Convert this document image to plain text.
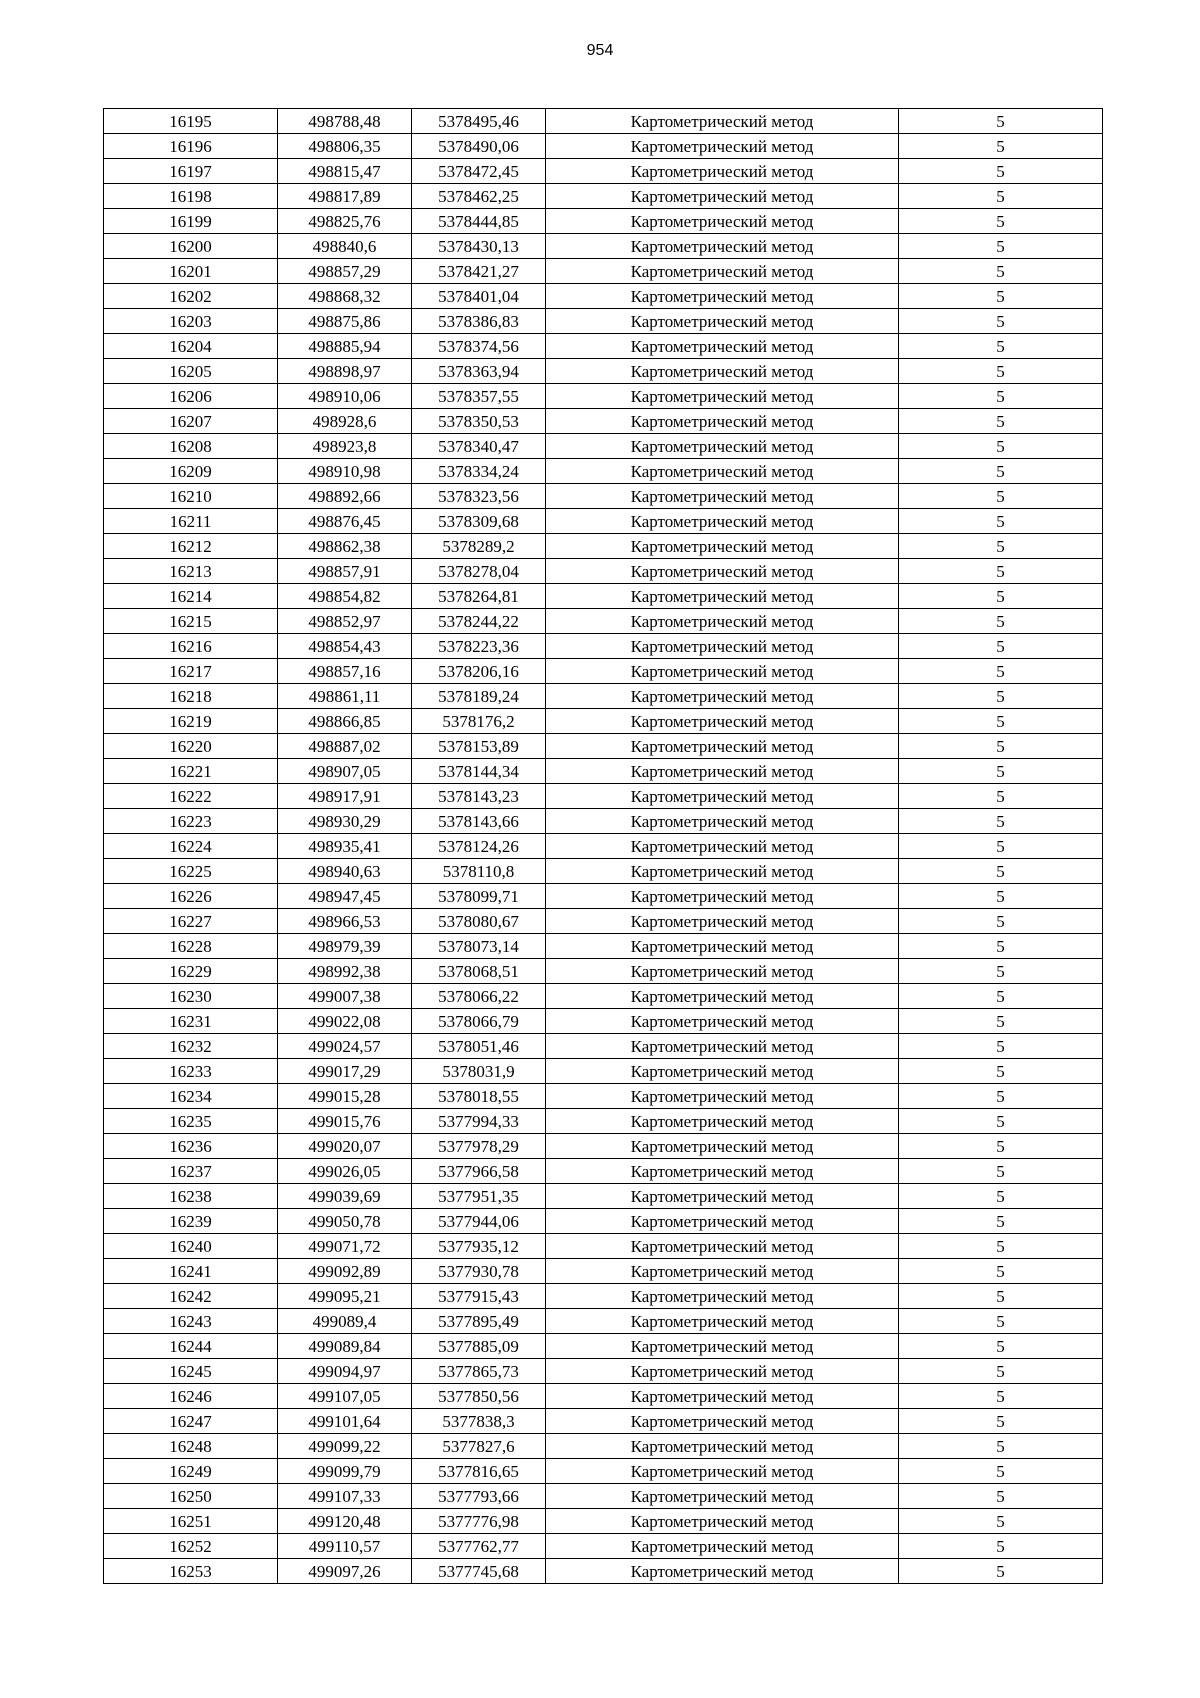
954
16195	498788,48	5378495,46	Картометрический метод	5
16196	498806,35	5378490,06	Картометрический метод	5
16197	498815,47	5378472,45	Картометрический метод	5
16198	498817,89	5378462,25	Картометрический метод	5
16199	498825,76	5378444,85	Картометрический метод	5
16200	498840,6	5378430,13	Картометрический метод	5
16201	498857,29	5378421,27	Картометрический метод	5
16202	498868,32	5378401,04	Картометрический метод	5
16203	498875,86	5378386,83	Картометрический метод	5
16204	498885,94	5378374,56	Картометрический метод	5
16205	498898,97	5378363,94	Картометрический метод	5
16206	498910,06	5378357,55	Картометрический метод	5
16207	498928,6	5378350,53	Картометрический метод	5
16208	498923,8	5378340,47	Картометрический метод	5
16209	498910,98	5378334,24	Картометрический метод	5
16210	498892,66	5378323,56	Картометрический метод	5
16211	498876,45	5378309,68	Картометрический метод	5
16212	498862,38	5378289,2	Картометрический метод	5
16213	498857,91	5378278,04	Картометрический метод	5
16214	498854,82	5378264,81	Картометрический метод	5
16215	498852,97	5378244,22	Картометрический метод	5
16216	498854,43	5378223,36	Картометрический метод	5
16217	498857,16	5378206,16	Картометрический метод	5
16218	498861,11	5378189,24	Картометрический метод	5
16219	498866,85	5378176,2	Картометрический метод	5
16220	498887,02	5378153,89	Картометрический метод	5
16221	498907,05	5378144,34	Картометрический метод	5
16222	498917,91	5378143,23	Картометрический метод	5
16223	498930,29	5378143,66	Картометрический метод	5
16224	498935,41	5378124,26	Картометрический метод	5
16225	498940,63	5378110,8	Картометрический метод	5
16226	498947,45	5378099,71	Картометрический метод	5
16227	498966,53	5378080,67	Картометрический метод	5
16228	498979,39	5378073,14	Картометрический метод	5
16229	498992,38	5378068,51	Картометрический метод	5
16230	499007,38	5378066,22	Картометрический метод	5
16231	499022,08	5378066,79	Картометрический метод	5
16232	499024,57	5378051,46	Картометрический метод	5
16233	499017,29	5378031,9	Картометрический метод	5
16234	499015,28	5378018,55	Картометрический метод	5
16235	499015,76	5377994,33	Картометрический метод	5
16236	499020,07	5377978,29	Картометрический метод	5
16237	499026,05	5377966,58	Картометрический метод	5
16238	499039,69	5377951,35	Картометрический метод	5
16239	499050,78	5377944,06	Картометрический метод	5
16240	499071,72	5377935,12	Картометрический метод	5
16241	499092,89	5377930,78	Картометрический метод	5
16242	499095,21	5377915,43	Картометрический метод	5
16243	499089,4	5377895,49	Картометрический метод	5
16244	499089,84	5377885,09	Картометрический метод	5
16245	499094,97	5377865,73	Картометрический метод	5
16246	499107,05	5377850,56	Картометрический метод	5
16247	499101,64	5377838,3	Картометрический метод	5
16248	499099,22	5377827,6	Картометрический метод	5
16249	499099,79	5377816,65	Картометрический метод	5
16250	499107,33	5377793,66	Картометрический метод	5
16251	499120,48	5377776,98	Картометрический метод	5
16252	499110,57	5377762,77	Картометрический метод	5
16253	499097,26	5377745,68	Картометрический метод	5
